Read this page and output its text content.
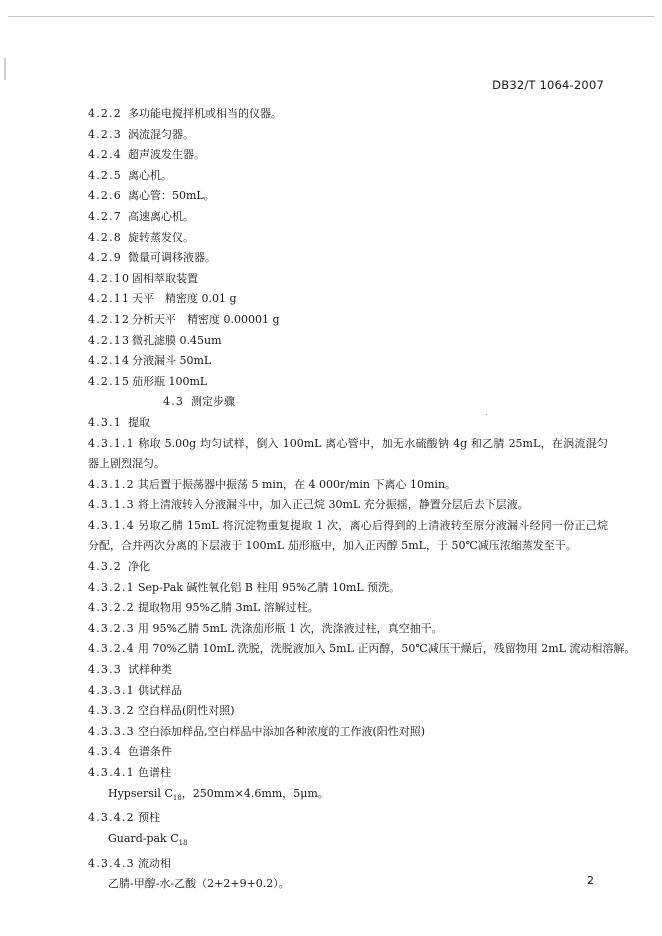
DB32/T 1064-2007
4.2.2 多功能电搅拌机或相当的仪器。
4.2.3 涡流混匀器。
4.2.4 超声波发生器。
4.2.5 离心机。
4.2.6 离心管：50mL。
4.2.7 高速离心机。
4.2.8 旋转蒸发仪。
4.2.9 微量可调移液器。
4.2.10 固相萃取装置
4.2.11 天平　精密度 0.01 g
4.2.12 分析天平　精密度 0.00001 g
4.2.13 微孔滤膜 0.45um
4.2.14 分液漏斗 50mL
4.2.15 茄形瓶 100mL
4.3 测定步骤
4.3.1 提取
4.3.1.1 称取 5.00g 均匀试样，倒入 100mL 离心管中，加无水硫酸钠 4g 和乙腈 25mL，在涡流混匀器上剧烈混匀。
4.3.1.2 其后置于振荡器中振荡 5 min，在 4 000r/min 下离心 10min。
4.3.1.3 将上清液转入分液漏斗中，加入正己烷 30mL 充分振摇，静置分层后去下层液。
4.3.1.4 另取乙腈 15mL 将沉淀物重复提取 1 次，离心后得到的上清液转至原分液漏斗经同一份正己烷分配，合并两次分离的下层液于 100mL 茄形瓶中，加入正丙醇 5mL，于 50℃减压浓缩蒸发至干。
4.3.2 净化
4.3.2.1 Sep-Pak 碱性氧化铝 B 柱用 95%乙腈 10mL 预洗。
4.3.2.2 提取物用 95%乙腈 3mL 溶解过柱。
4.3.2.3 用 95%乙腈 5mL 洗涤茄形瓶 1 次，洗涤液过柱，真空抽干。
4.3.2.4 用 70%乙腈 10mL 洗脱，洗脱液加入 5mL 正丙醇，50℃减压干燥后，残留物用 2mL 流动相溶解。
4.3.3 试样种类
4.3.3.1 供试样品
4.3.3.2 空白样品(阴性对照)
4.3.3.3 空白添加样品,空白样品中添加各种浓度的工作液(阳性对照)
4.3.4 色谱条件
4.3.4.1 色谱柱
Hypsersil $C_{18}$，250mm×4.6mm，5μm。
4.3.4.2 预柱
Guard-pak $C_{18}$
4.3.4.3 流动相
乙腈-甲醇-水-乙酸（2+2+9+0.2）。	2
